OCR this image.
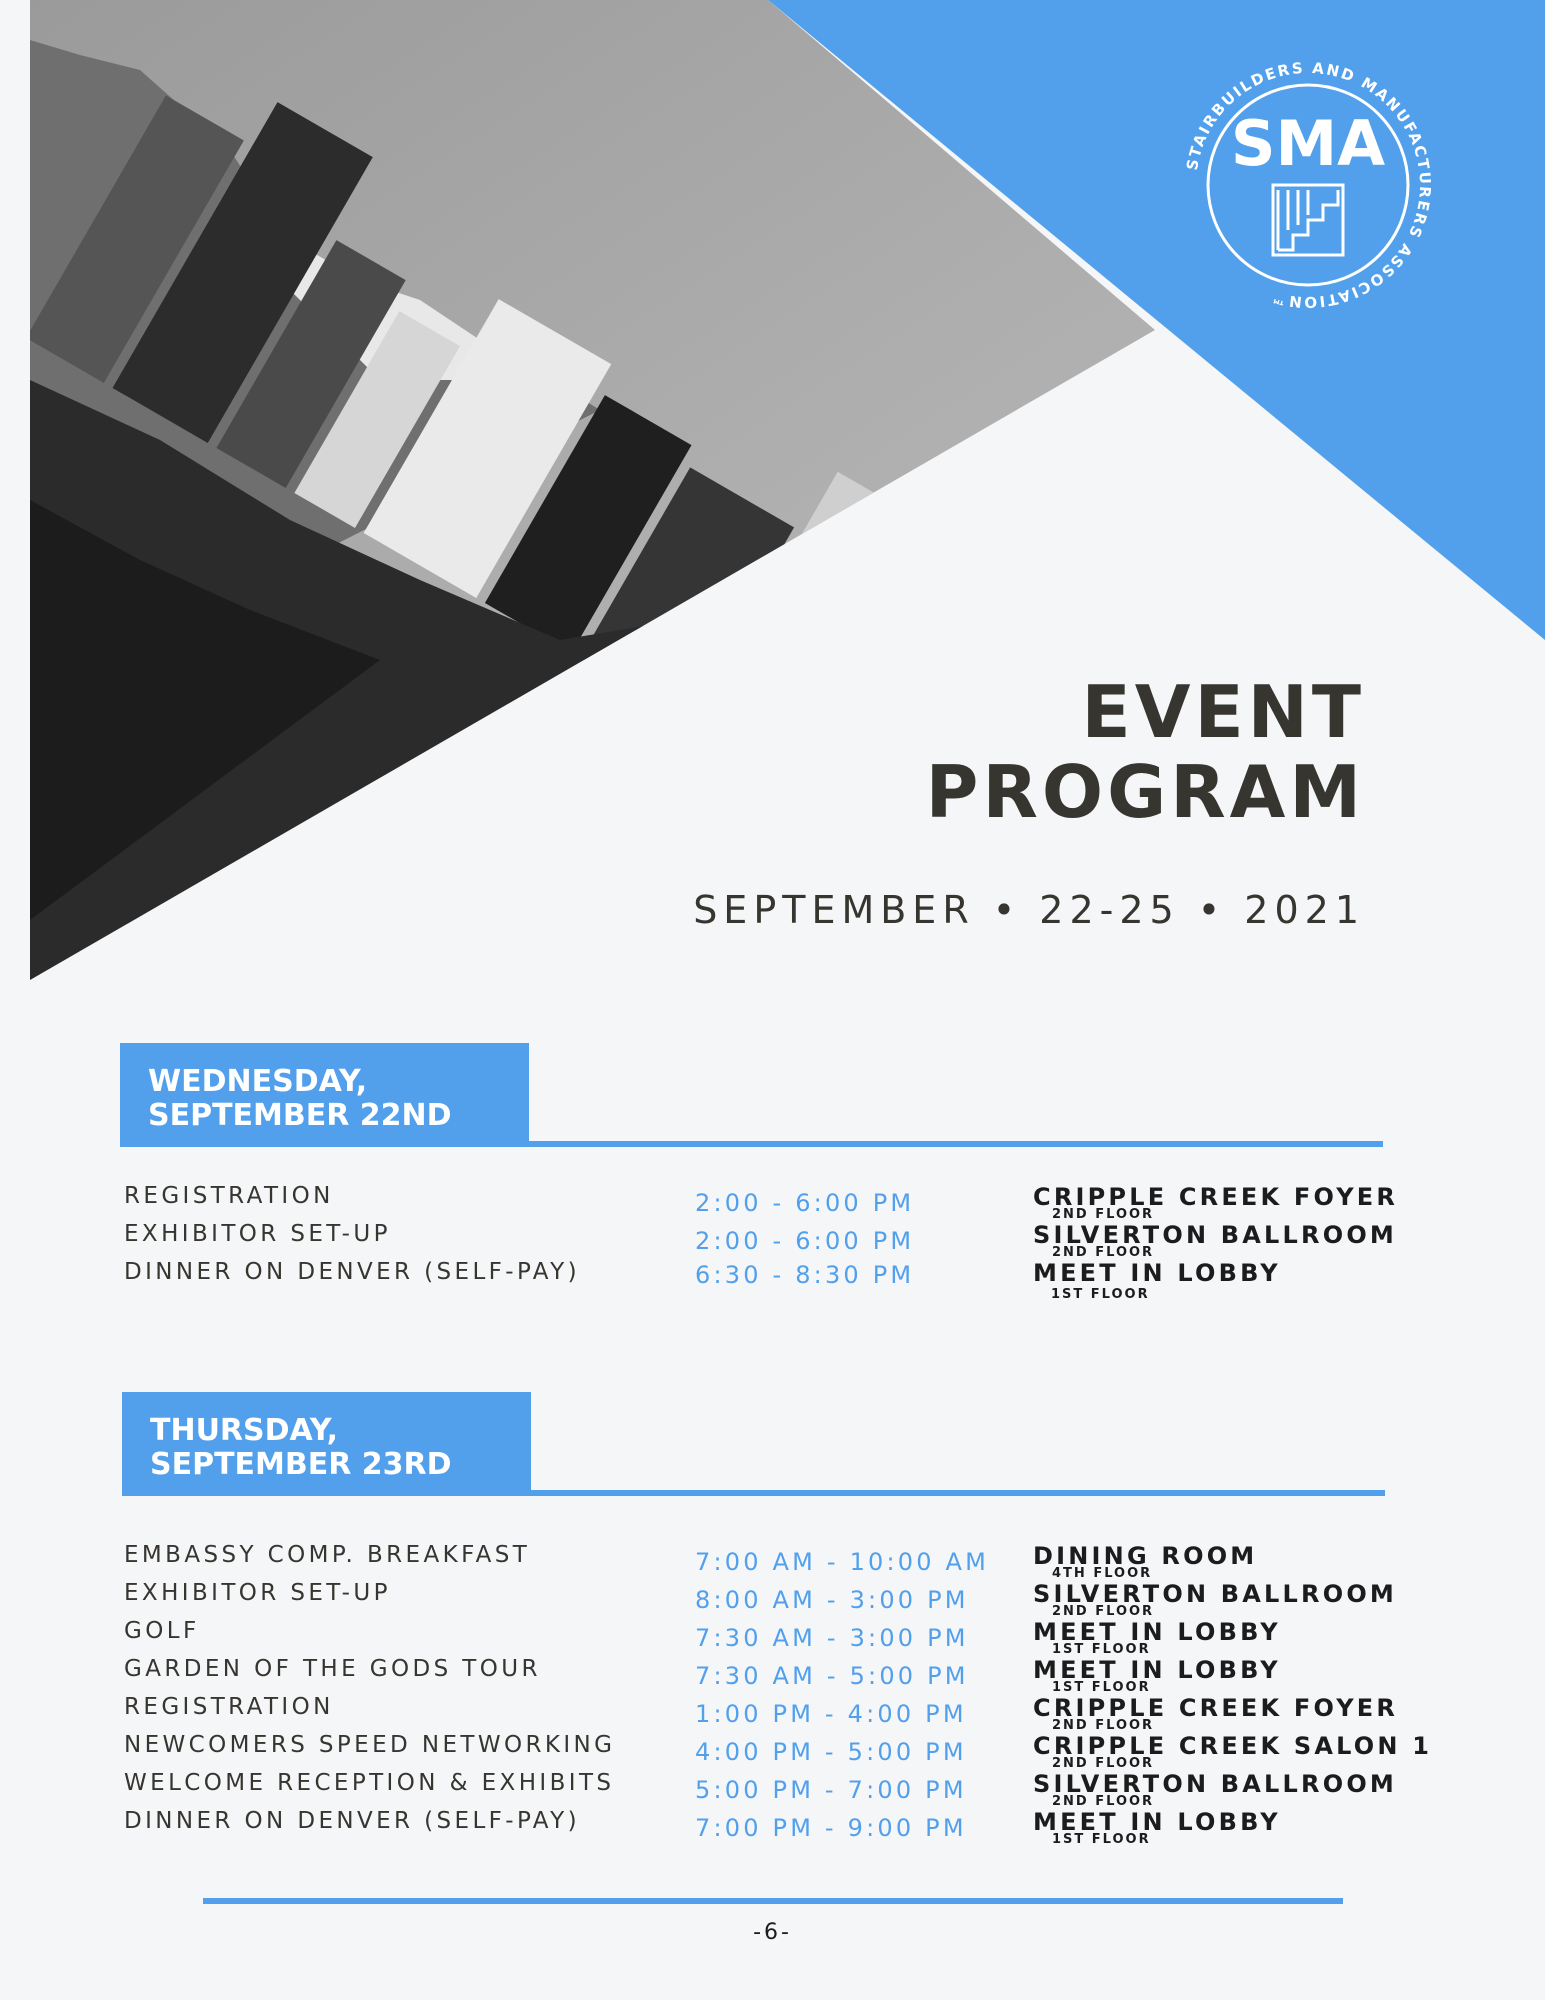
SMA
STAIRBUILDERS AND MANUFACTURERS ASSOCIATION™
EVENT
PROGRAM
SEPTEMBER • 22-25 • 2021
WEDNESDAY,
SEPTEMBER 22ND
REGISTRATION	2:00 - 6:00 PM	CRIPPLE CREEK FOYER
2ND FLOOR
EXHIBITOR SET-UP	2:00 - 6:00 PM	SILVERTON BALLROOM
2ND FLOOR
DINNER ON DENVER (SELF-PAY)	6:30 - 8:30 PM	MEET IN LOBBY
1ST FLOOR
THURSDAY,
SEPTEMBER 23RD
EMBASSY COMP. BREAKFAST	7:00 AM - 10:00 AM DINING ROOM
4TH FLOOR
EXHIBITOR SET-UP	8:00 AM - 3:00 PM	SILVERTON BALLROOM
2ND FLOOR
GOLF	7:30 AM - 3:00 PM	MEET IN LOBBY
1ST FLOOR
GARDEN OF THE GODS TOUR	7:30 AM - 5:00 PM	MEET IN LOBBY
1ST FLOOR
REGISTRATION	1:00 PM - 4:00 PM	CRIPPLE CREEK FOYER
2ND FLOOR
NEWCOMERS SPEED NETWORKING	4:00 PM - 5:00 PM	CRIPPLE CREEK SALON 1
2ND FLOOR
WELCOME RECEPTION & EXHIBITS	5:00 PM - 7:00 PM	SILVERTON BALLROOM
2ND FLOOR
DINNER ON DENVER (SELF-PAY)	7:00 PM - 9:00 PM	MEET IN LOBBY
1ST FLOOR
-6-
